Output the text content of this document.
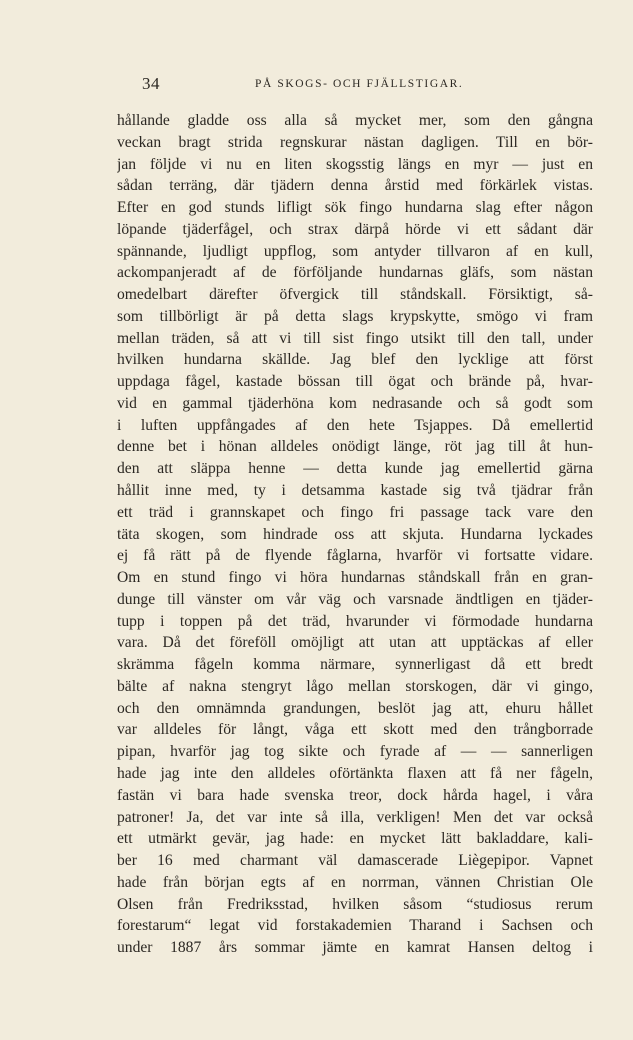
34	PÅ SKOGS- OCH FJÄLLSTIGAR.
hållande gladde oss alla så mycket mer, som den gångna
veckan bragt strida regnskurar nästan dagligen. Till en bör-
jan följde vi nu en liten skogsstig längs en myr — just en
sådan terräng, där tjädern denna årstid med förkärlek vistas.
Efter en god stunds lifligt sök fingo hundarna slag efter någon
löpande tjäderfågel, och strax därpå hörde vi ett sådant där
spännande, ljudligt uppflog, som antyder tillvaron af en kull,
ackompanjeradt af de förföljande hundarnas gläfs, som nästan
omedelbart därefter öfvergick till ståndskall. Försiktigt, så-
som tillbörligt är på detta slags krypskytte, smögo vi fram
mellan träden, så att vi till sist fingo utsikt till den tall, under
hvilken hundarna skällde. Jag blef den lycklige att först
uppdaga fågel, kastade bössan till ögat och brände på, hvar-
vid en gammal tjäderhöna kom nedrasande och så godt som
i luften uppfångades af den hete Tsjappes. Då emellertid
denne bet i hönan alldeles onödigt länge, röt jag till åt hun-
den att släppa henne — detta kunde jag emellertid gärna
hållit inne med, ty i detsamma kastade sig två tjädrar från
ett träd i grannskapet och fingo fri passage tack vare den
täta skogen, som hindrade oss att skjuta. Hundarna lyckades
ej få rätt på de flyende fåglarna, hvarför vi fortsatte vidare.
Om en stund fingo vi höra hundarnas ståndskall från en gran-
dunge till vänster om vår väg och varsnade ändtligen en tjäder-
tupp i toppen på det träd, hvarunder vi förmodade hundarna
vara. Då det föreföll omöjligt att utan att upptäckas af eller
skrämma fågeln komma närmare, synnerligast då ett bredt
bälte af nakna stengryt lågo mellan storskogen, där vi gingo,
och den omnämnda grandungen, beslöt jag att, ehuru hållet
var alldeles för långt, våga ett skott med den trångborrade
pipan, hvarför jag tog sikte och fyrade af — — sannerligen
hade jag inte den alldeles oförtänkta flaxen att få ner fågeln,
fastän vi bara hade svenska treor, dock hårda hagel, i våra
patroner! Ja, det var inte så illa, verkligen! Men det var också
ett utmärkt gevär, jag hade: en mycket lätt bakladdare, kali-
ber 16 med charmant väl damascerade Liègepipor. Vapnet
hade från början egts af en norrman, vännen Christian Ole
Olsen från Fredriksstad, hvilken såsom “studiosus rerum
forestarum“ legat vid forstakademien Tharand i Sachsen och
under 1887 års sommar jämte en kamrat Hansen deltog i
